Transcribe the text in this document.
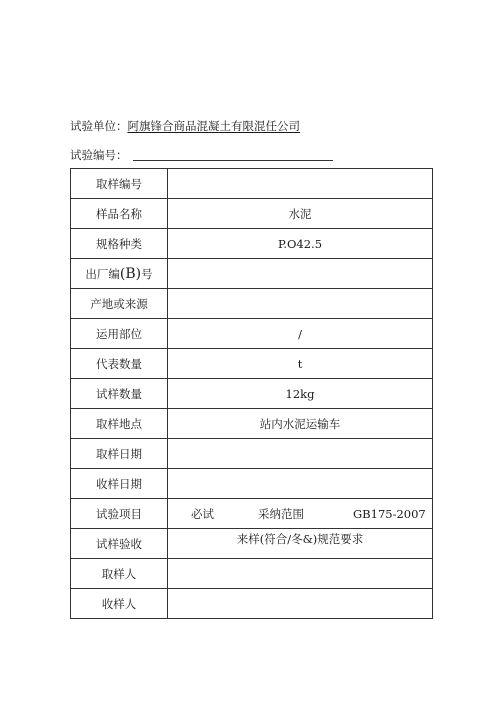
试验单位：阿旗锋合商品混凝土有限混任公司
试验编号：
取样编号	
样品名称	水泥
规格种类	P.O42.5
出厂编(B)号	
产地或来源	
运用部位	/
代表数量	t
试样数量	12kg
取样地点	站内水泥运输车
取样日期	
收样日期	
试验项目	必试 采纳范围 GB175-2007

试样验收	来样(符合/冬&)规范要求
取样人	
收样人	
